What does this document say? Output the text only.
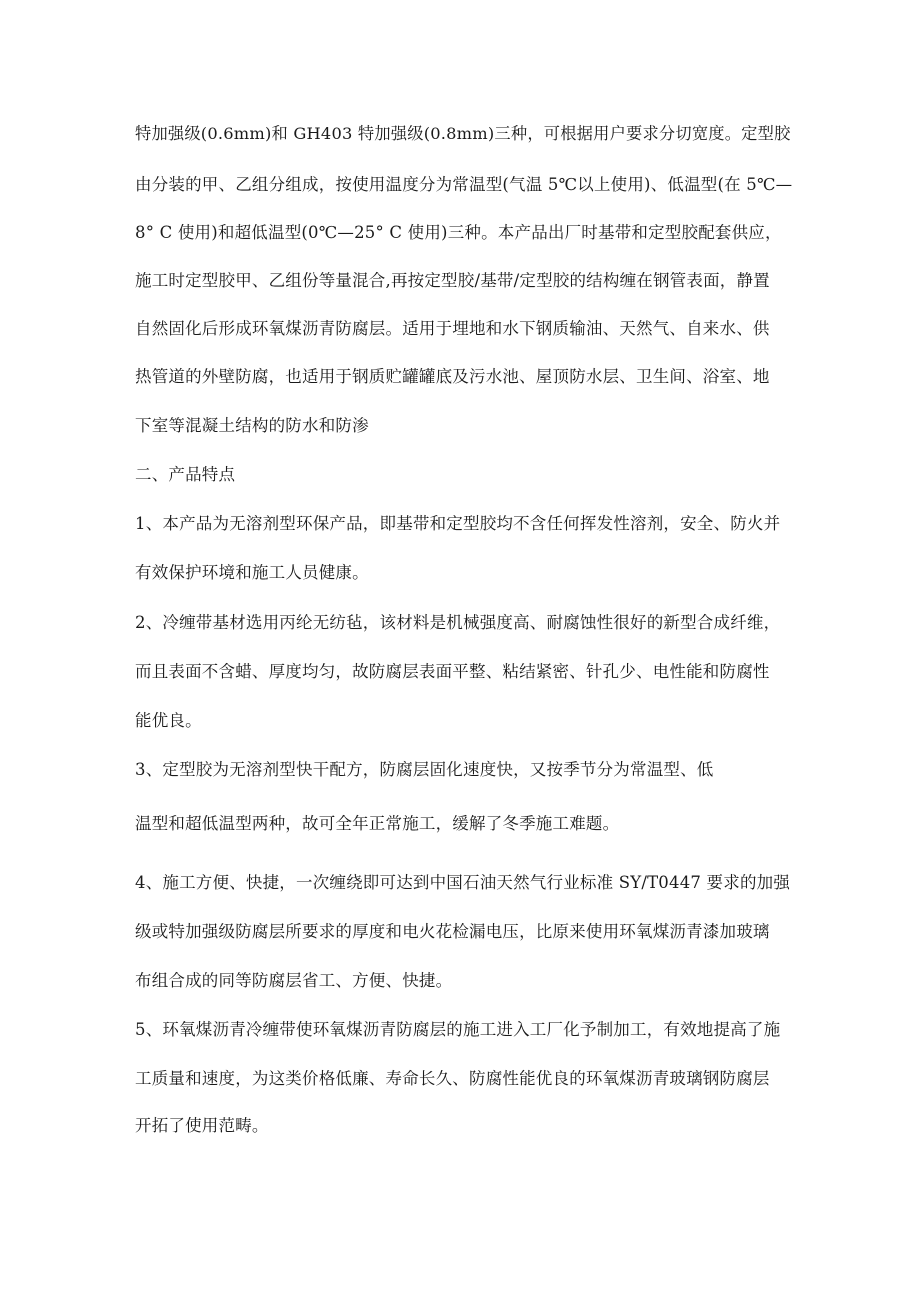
特加强级(0.6mm)和 GH403 特加强级(0.8mm)三种，可根据用户要求分切宽度。定型胶
由分装的甲、乙组分组成，按使用温度分为常温型(气温 5℃以上使用)、低温型(在 5℃—
8° C 使用)和超低温型(0℃—25° C 使用)三种。本产品出厂时基带和定型胶配套供应，
施工时定型胶甲、乙组份等量混合,再按定型胶/基带/定型胶的结构缠在钢管表面，静置
自然固化后形成环氧煤沥青防腐层。适用于埋地和水下钢质输油、天然气、自来水、供
热管道的外壁防腐，也适用于钢质贮罐罐底及污水池、屋顶防水层、卫生间、浴室、地
下室等混凝土结构的防水和防渗
二、产品特点
1、本产品为无溶剂型环保产品，即基带和定型胶均不含任何挥发性溶剂，安全、防火并
有效保护环境和施工人员健康。
2、冷缠带基材选用丙纶无纺毡，该材料是机械强度高、耐腐蚀性很好的新型合成纤维，
而且表面不含蜡、厚度均匀，故防腐层表面平整、粘结紧密、针孔少、电性能和防腐性
能优良。
3、定型胶为无溶剂型快干配方，防腐层固化速度快，又按季节分为常温型、低
温型和超低温型两种，故可全年正常施工，缓解了冬季施工难题。
4、施工方便、快捷，一次缠绕即可达到中国石油天然气行业标准 SY/T0447 要求的加强
级或特加强级防腐层所要求的厚度和电火花检漏电压，比原来使用环氧煤沥青漆加玻璃
布组合成的同等防腐层省工、方便、快捷。
5、环氧煤沥青冷缠带使环氧煤沥青防腐层的施工进入工厂化予制加工，有效地提高了施
工质量和速度，为这类价格低廉、寿命长久、防腐性能优良的环氧煤沥青玻璃钢防腐层
开拓了使用范畴。
